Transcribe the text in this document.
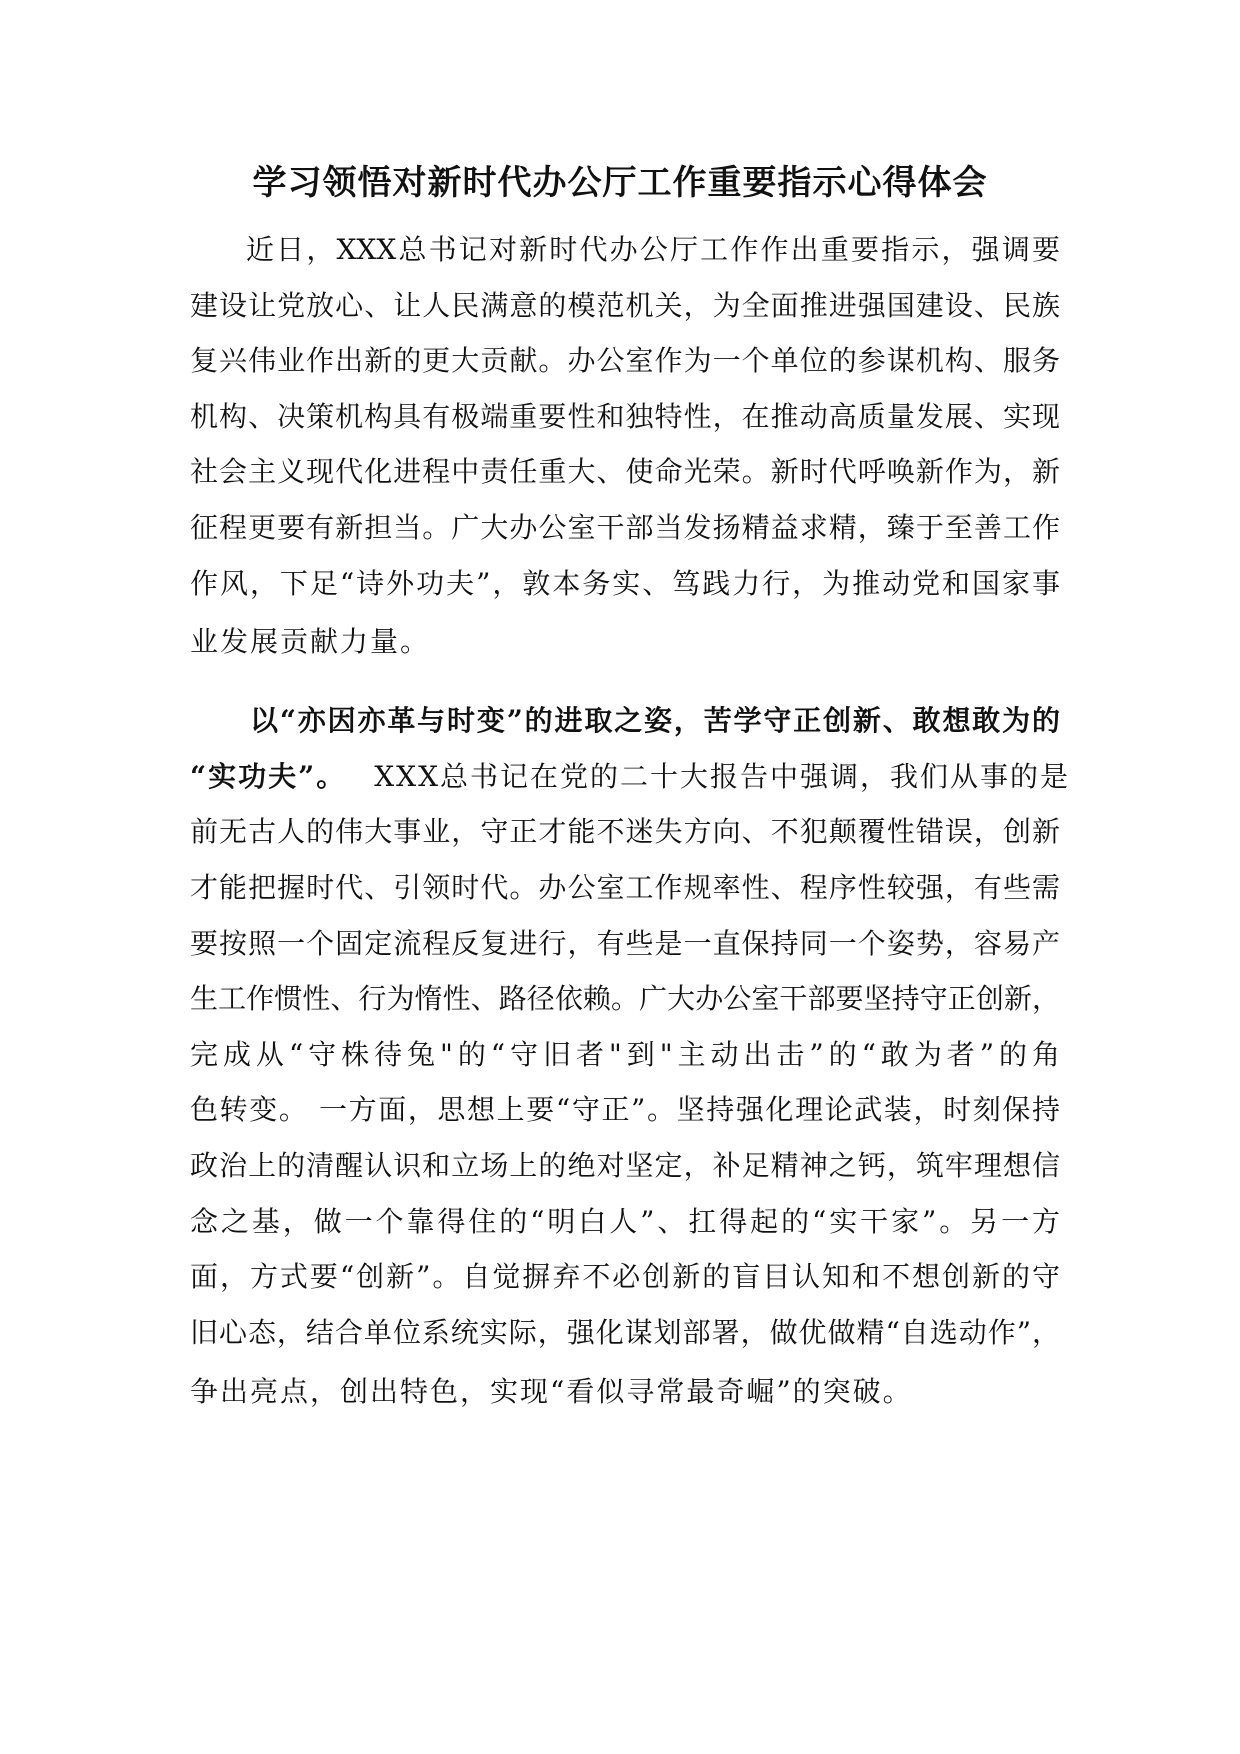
学习领悟对新时代办公厅工作重要指示心得体会

近日，XXX总书记对新时代办公厅工作作出重要指示，强调要

建设让党放心、让人民满意的模范机关，为全面推进强国建设、民族

复兴伟业作出新的更大贡献。办公室作为一个单位的参谋机构、服务

机构、决策机构具有极端重要性和独特性，在推动高质量发展、实现

社会主义现代化进程中责任重大、使命光荣。新时代呼唤新作为，新

征程更要有新担当。广大办公室干部当发扬精益求精，臻于至善工作

作风，下足“诗外功夫”，敦本务实、笃践力行，为推动党和国家事

业发展贡献力量。

以“亦因亦革与时变”的进取之姿，苦学守正创新、敢想敢为的

“实功夫”。 XXX总书记在党的二十大报告中强调，我们从事的是

前无古人的伟大事业，守正才能不迷失方向、不犯颠覆性错误，创新

才能把握时代、引领时代。办公室工作规率性、程序性较强，有些需

要按照一个固定流程反复进行，有些是一直保持同一个姿势，容易产

生工作惯性、行为惰性、路径依赖。广大办公室干部要坚持守正创新，

完成从“守株待兔"的“守旧者"到"主动出击”的“敢为者”的角

色转变。 一方面，思想上要“守正”。坚持强化理论武装，时刻保持

政治上的清醒认识和立场上的绝对坚定，补足精神之钙，筑牢理想信

念之基，做一个靠得住的“明白人”、扛得起的“实干家”。另一方

面，方式要“创新”。自觉摒弃不必创新的盲目认知和不想创新的守

旧心态，结合单位系统实际，强化谋划部署，做优做精“自选动作”，

争出亮点，创出特色，实现“看似寻常最奇崛”的突破。
